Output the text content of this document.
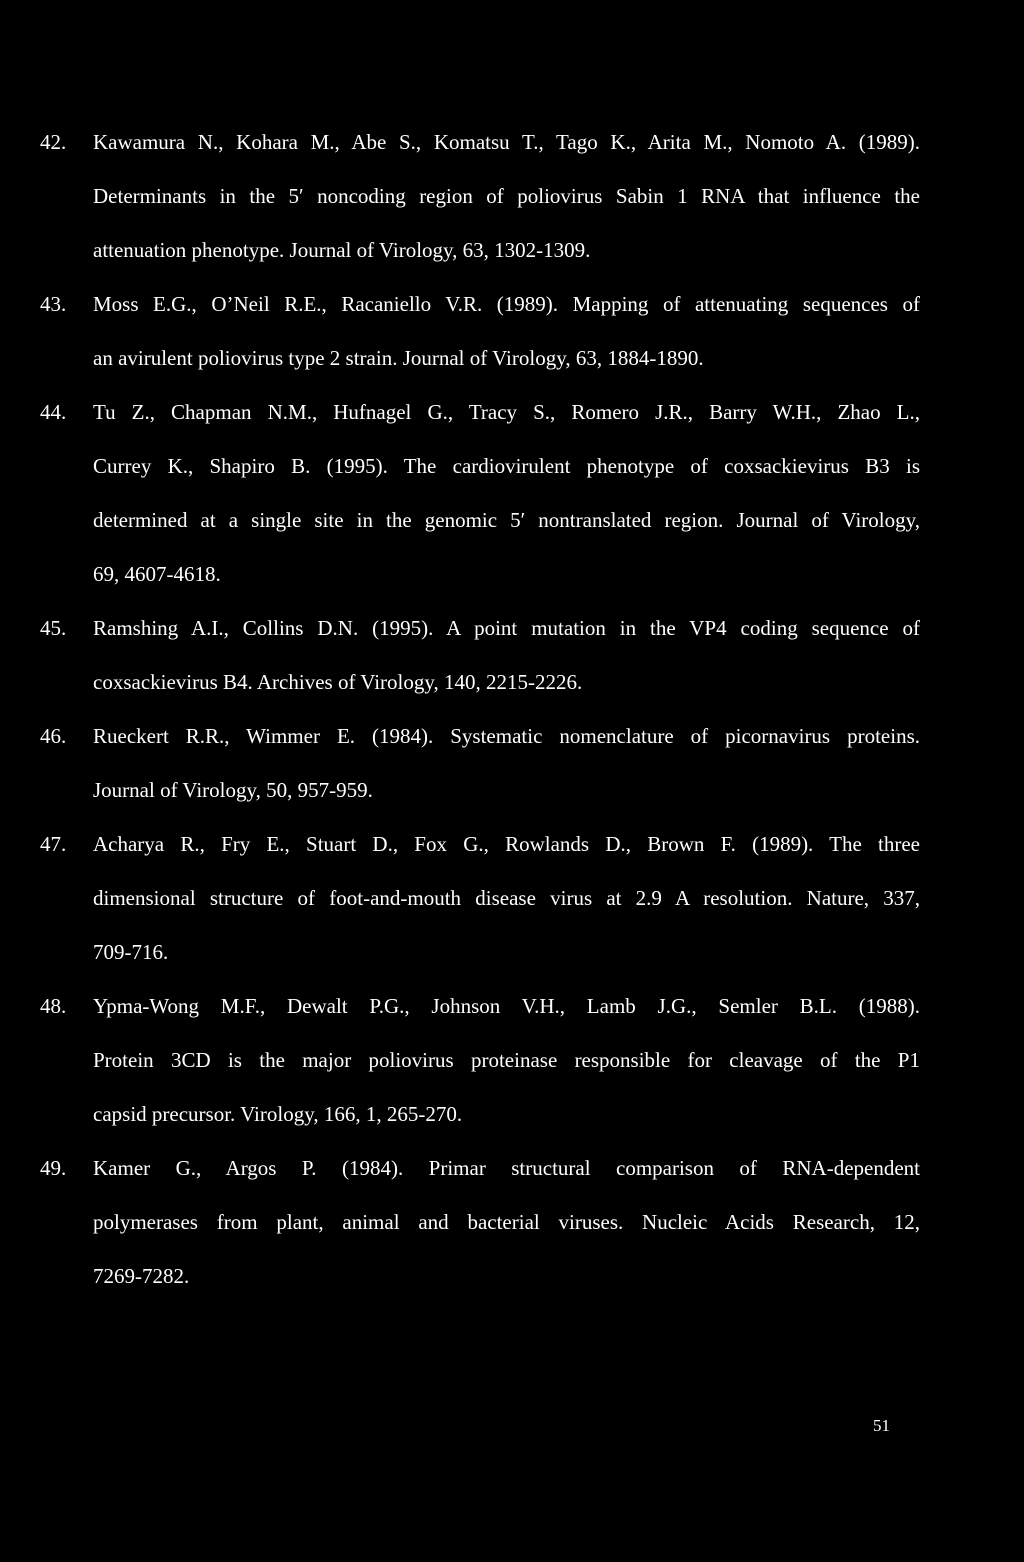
42.	Kawamura N., Kohara M., Abe S., Komatsu T., Tago K., Arita M., Nomoto A. (1989).
Determinants in the 5′ noncoding region of poliovirus Sabin 1 RNA that influence the
attenuation phenotype. Journal of Virology, 63, 1302-1309.
43.	Moss E.G., O’Neil R.E., Racaniello V.R. (1989). Mapping of attenuating sequences of
an avirulent poliovirus type 2 strain. Journal of Virology, 63, 1884-1890.
44.	Tu Z., Chapman N.M., Hufnagel G., Tracy S., Romero J.R., Barry W.H., Zhao L.,
Currey K., Shapiro B. (1995). The cardiovirulent phenotype of coxsackievirus B3 is
determined at a single site in the genomic 5′ nontranslated region. Journal of Virology,
69, 4607-4618.
45.	Ramshing A.I., Collins D.N. (1995). A point mutation in the VP4 coding sequence of
coxsackievirus B4. Archives of Virology, 140, 2215-2226.
46.	Rueckert R.R., Wimmer E. (1984). Systematic nomenclature of picornavirus proteins.
Journal of Virology, 50, 957-959.
47.	Acharya R., Fry E., Stuart D., Fox G., Rowlands D., Brown F. (1989). The three
dimensional structure of foot-and-mouth disease virus at 2.9 A resolution. Nature, 337,
709-716.
48.	Ypma-Wong M.F., Dewalt P.G., Johnson V.H., Lamb J.G., Semler B.L. (1988).
Protein 3CD is the major poliovirus proteinase responsible for cleavage of the P1
capsid precursor. Virology, 166, 1, 265-270.
49.	Kamer G., Argos P. (1984). Primar structural comparison of RNA-dependent
polymerases from plant, animal and bacterial viruses. Nucleic Acids Research, 12,
7269-7282.
51
